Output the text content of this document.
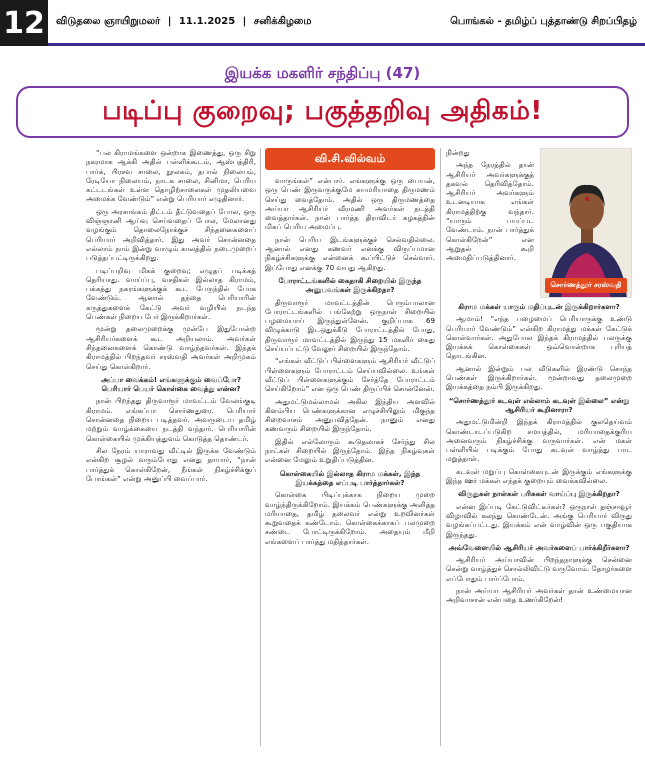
12	விடுதலை ஞாயிறுமலர் | 11.1.2025 | சனிக்கிழமை	பொங்கல் - தமிழ்ப் புத்தாண்டு சிறப்பிதழ்
இயக்க மகளிர் சந்திப்பு (47)
படிப்பு குறைவு; பகுத்தறிவு அதிகம்!

“பல கிராமங்களை ஒன்றாக இணைத்து, ஒரு சிறு நகரமாக ஆக்கி அதில் பள்ளிக்கூடம், ஆஸ்பத்திரி, பார்க், பிரசவ சாலை, நூலகம், தபால் நிலையம், ரேடியோ நிலையம், நாடக சாலை, சினிமா, பெரிய கட்டடங்கள் உள்ள தொழிற்சாலைகள் முதலியவை அமைக்க வேண்டும்” என்று பெரியார் எழுதினார்.

ஒரு அரசாங்கம் திட்டம் தீட்டுவதைப் போல, ஒரு விஞ்ஞானி ஆய்வு செய்வதைப் போல, மேலானது வழங்கும் தொலைநோக்குச் சிந்தனைகளைப் பெரியார் அறிவித்தார். இது அவர் சொன்னதை எல்லாம் நாம் இன்று வாழும் காலத்தில் நடைமுறைப் படுத்தப்பட்டிருக்கிறது.

படிப்பறிவு மிகக் குறைவு; எழுதப் படிக்கத் தெரியாது. வாய்ப்பு, வசதிகள் இல்லாத கிராமம், பக்கத்து நகரங்களுக்குக் கூட பேருந்தில் போக வேண்டும். ஆனால் தந்தை பெரியாரின் கருத்துகளைக் கேட்டு அவர் வழியில் நடந்த பெண்கள் நிறைய பேர் இருக்கிறார்கள்.

மூன்று தலைமுறைக்கு முன்பே இதுபோன்ற ஆசிரியர்களைக் கூட அறியலாம். அவர்கள் சிந்தனைகளைக் கொண்டு வாழ்ந்தவர்கள். இந்தக் கிராமத்தில் பிறந்தவர் சரஸ்வதி அவர்கள் அறிமுகம் செய்து கொள்கிறார்.

அப்பா வைக்கம்! எங்களுக்கும் வைப்போ? பெரியார் பெயர் கொள்கை வைத்து என்ன?

நான் பிறந்தது திருவாரூர் மாவட்டம் வேலங்குடி கிராமம். எங்கப்பா சொர்ணதுரை. பெரியார் சொன்னதை நிறைய படித்தவர். அவருடைய தமிழ் மற்றும் வாழ்க்கையை நடத்தி வந்தார். பெரியாரின் கொள்கையில் முக்கியத்துவம் கொடுத்த தொண்டர்.

சில நேரம் யாராவது வீட்டில் இருக்க வேண்டும் என்கிற சூழல் வரும்போது எனது தாயார், “நான் பார்த்துக் கொள்கிறேன், நீங்கள் நிகழ்ச்சிக்குப் போங்கள்” என்று அனுப்பி வைப்பார்.

வி.சி.வில்வம்

வாருங்கள்” என்பார். எங்களுக்கு ஒரு பையன், ஒரு பெண் இருவருக்குமே சுயமரியாதை திருமணம் செய்து வைத்தோம். அதில் ஒரு திருமணத்தை அய்யா ஆசிரியர் வீரமணி அவர்கள் நடத்தி வைத்தார்கள். நான் பார்த்த திராவிடர் கழகத்தின் மிகப் பெரிய அமைப்பு.

நான் பெரிய இடங்களுக்குச் செல்வதில்லை. ஆனால் எனது கணவர் எனக்கு விருப்பமான நிகழ்ச்சிகளுக்கு என்னைக் கூப்பிட்டுச் செல்வார். இப்போது எனக்கு 70 வயது ஆகிறது.

போராட்டங்களில் கைதாகி சிறையில் இருந்த அனுபவங்கள் இருக்கிறதா?

திருவாரூர் மாவட்டத்தின் பெரும்பாலான போராட்டங்களில் பங்கேற்று ஒருநாள் சிறையில் பழமையாய் இருந்துள்ளேன். குறிப்பாக 69 விழுக்காடு இடஒதுக்கீடு போராட்டத்தில் போது, திருவாரூர் மாவட்டத்தில் இருந்து 15 மகளிர் கைது செய்யப்பட்டு வேலூர் சிறையில் இருந்தோம்.

“எங்கள் வீட்டுப் பிள்ளைகளும் ஆசிரியர் வீட்டுப் பிள்ளைகளும் போராட்டம் செய்யவில்லை. உங்கள் வீட்டுப் பிள்ளைகளுக்கும் சேர்த்தே போராட்டம் செய்கிறோம்” என ஒரு பெண் திருப்பிச் சொன்னேன்.

அதுமட்டுமல்லாமல் அகில இந்திய அளவில் கிளம்பிய பெண்களுக்கான எழுச்சியிலும் மிகுந்த சிறைவாசம் அனுபவித்தேன். நானும் எனது கணவரும் சிறையில் இருந்தோம்.

இதில் எல்லோரும் கூடுதலாகச் சேர்ந்து சில நாட்கள் சிறையில் இருந்தோம். இந்த நிகழ்வுகள் என்னை மேலும் உறுதிப்படுத்தின.

கொள்கையில் இல்லாத கிராம மக்கள், இந்த இயக்கத்தை எப்படி பார்த்தார்கள்?

கொள்கை பிடிப்புக்காக நிறைய முறை வாழ்ந்திருக்கிறோம். இயக்கம் பெண்களுக்கு அளித்த மரியாதை, தமிழ் தலைவர் என்று உறவினர்கள் கூறுவதைக் கண்டோம். கொள்கைக்காகப் பலமுறை சண்டை போட்டிருக்கிறோம். அதையும் மீறி எங்களைப் பார்த்து மதித்தார்கள்.

நின்றது

அந்த நேரத்தில் தான் ஆசிரியர் அவர்களுக்குத் தகவல் தெரிவித்தோம். ஆசிரியர் அவர்களும் உடனடியாக எங்கள் கிராமத்திற்கு வந்தார். “யாரும் பயப்பட வேண்டாம். நான் பார்த்துக் கொள்கிறேன்” என ஆறுதல் கூறி அமைதிப்படுத்தினார்.

சொர்ணத்தூர் சரஸ்வதி

கிராம மக்கள் யாரும் மதிப்புடன் இருக்கிறார்களா?

ஆமாம்! “எந்த பழைமைப் பெரியாருக்கு உண்டு பெரியார் வேண்டும்” என்கிற கிராமத்து மக்கள் கேட்டுக் கொள்வார்கள். அதுபோல இந்தக் கிராமத்தில் பலருக்கு இயக்கக் கொள்கைகள் ஒவ்வொன்றாக புரியத் தொடங்கின.

ஆனால் இன்றும் பல வீடுகளில் இரண்டு சொந்த பெண்கள் இருக்கிறார்கள். மூன்றாவது தலைமுறை இயக்கத்தை நம்பி இருக்கிறது.

“சொர்ணத்தூர் கடவுள் எல்லாம் கடவுள் இல்லை” என்று ஆசிரியர் கூறினாரா?

அதுமட்டுமின்றி இந்தக் கிராமத்தில் குலதெய்வம் கொண்டாடப்படுகிற சமயத்தில், மரியாதைக்குரிய அனைவரும் நிகழ்ச்சிக்கு வருவார்கள். என் மகள் பள்ளியில் படிக்கும் போது கடவுள் வாழ்த்து பாட மறுத்தாள்.

கடவுள் மறுப்பு கொள்கையுடன் இருக்கும் எங்களுக்கு இந்த ஊர் மக்கள் எந்தக் குறையும் வைக்கவில்லை.

விருதுகள் நாள்கள் பரிசுகள் வாய்ப்பு இருக்கிறதா?

என்ன இப்படி கேட்டுவிட்டீர்கள்? ஒருநாள் தஞ்சாவூர் விழாவில் கலந்து கொண்டேன். அங்கு பெரியார் விருது வழங்கப்பட்டது. இயக்கம் என் வாழ்வின் ஒரு பகுதியாக இருந்தது.

அவ்வேளையில் ஆசிரியர் அவர்களைப் பார்க்கிறீர்களா?

ஆசிரியர் அய்யாவின் பிறந்தநாளுக்கு சென்னை சென்று வாழ்த்துச் சொல்லிவிட்டு வருவோம். தோழர்களை எப்போதும் பார்ப்போம்.

நான் அய்யா ஆசிரியர் அவர்கள் தான் உண்மையான அறிவாசான் என்பதை உணர்கிறேன்!
